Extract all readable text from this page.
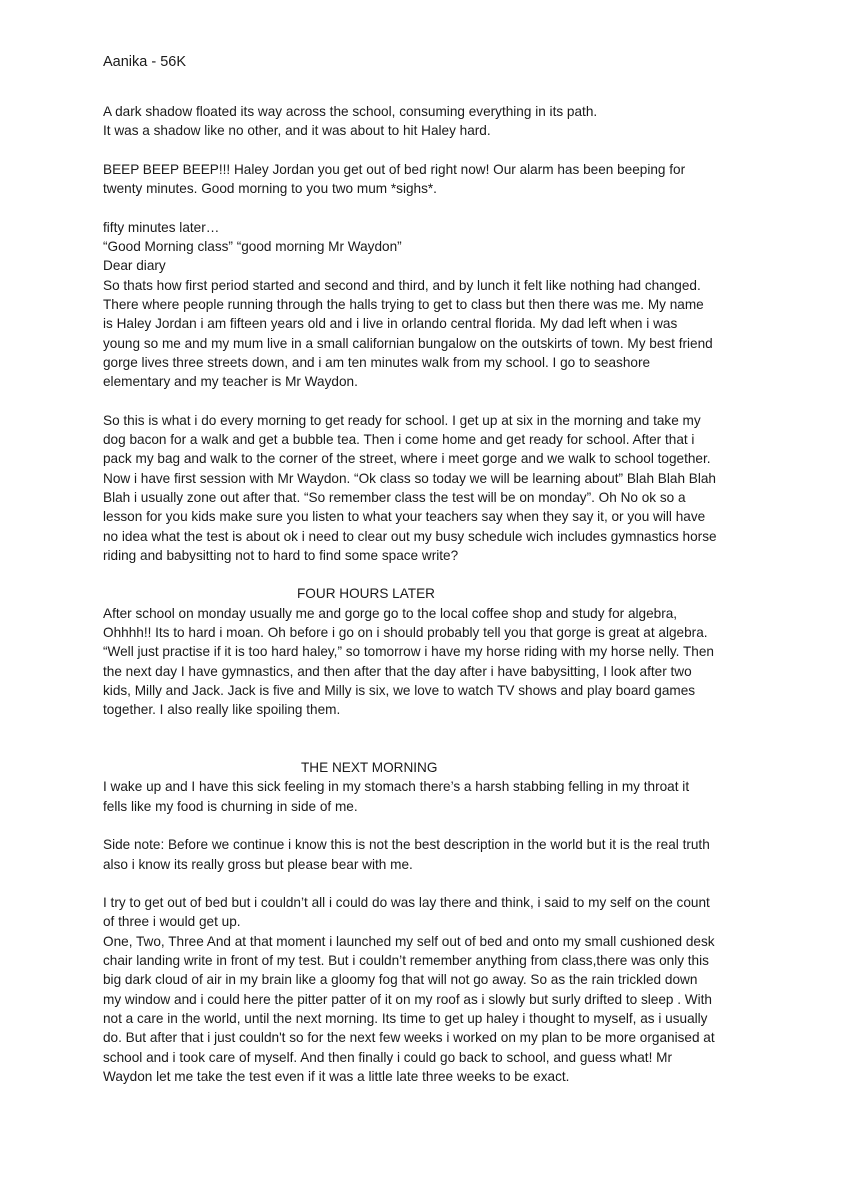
Aanika - 56K
A dark shadow floated its way across the school, consuming everything in its path.
It was a shadow like no other, and it was about to hit Haley hard.
BEEP BEEP BEEP!!! Haley Jordan you get out of bed right now! Our alarm has been beeping for
twenty minutes. Good morning to you two mum *sighs*.
fifty minutes later…
“Good Morning class” “good morning Mr Waydon”
Dear diary
So thats how first period started and second and third, and by lunch it felt like nothing had changed.
There where people running through the halls trying to get to class but then there was me. My name
is Haley Jordan i am fifteen years old and i live in orlando central florida. My dad left when i was
young so me and my mum live in a small californian bungalow on the outskirts of town. My best friend
gorge lives three streets down, and i am ten minutes walk from my school. I go to seashore
elementary and my teacher is Mr Waydon.
So this is what i do every morning to get ready for school. I get up at six in the morning and take my
dog bacon for a walk and get a bubble tea. Then i come home and get ready for school. After that i
pack my bag and walk to the corner of the street, where i meet gorge and we walk to school together.
Now i have first session with Mr Waydon. “Ok class so today we will be learning about” Blah Blah Blah
Blah i usually zone out after that. “So remember class the test will be on monday”. Oh No ok so a
lesson for you kids make sure you listen to what your teachers say when they say it, or you will have
no idea what the test is about ok i need to clear out my busy schedule wich includes gymnastics horse
riding and babysitting not to hard to find some space write?
FOUR HOURS LATER
After school on monday usually me and gorge go to the local coffee shop and study for algebra,
Ohhhh!! Its to hard i moan. Oh before i go on i should probably tell you that gorge is great at algebra.
“Well just practise if it is too hard haley,” so tomorrow i have my horse riding with my horse nelly. Then
the next day I have gymnastics, and then after that the day after i have babysitting, I look after two
kids, Milly and Jack. Jack is five and Milly is six, we love to watch TV shows and play board games
together. I also really like spoiling them.
THE NEXT MORNING
I wake up and I have this sick feeling in my stomach there’s a harsh stabbing felling in my throat it
fells like my food is churning in side of me.
Side note: Before we continue i know this is not the best description in the world but it is the real truth
also i know its really gross but please bear with me.
I try to get out of bed but i couldn’t all i could do was lay there and think, i said to my self on the count
of three i would get up.
One, Two, Three And at that moment i launched my self out of bed and onto my small cushioned desk
chair landing write in front of my test. But i couldn’t remember anything from class,there was only this
big dark cloud of air in my brain like a gloomy fog that will not go away. So as the rain trickled down
my window and i could here the pitter patter of it on my roof as i slowly but surly drifted to sleep . With
not a care in the world, until the next morning. Its time to get up haley i thought to myself, as i usually
do. But after that i just couldn't so for the next few weeks i worked on my plan to be more organised at
school and i took care of myself. And then finally i could go back to school, and guess what! Mr
Waydon let me take the test even if it was a little late three weeks to be exact.
